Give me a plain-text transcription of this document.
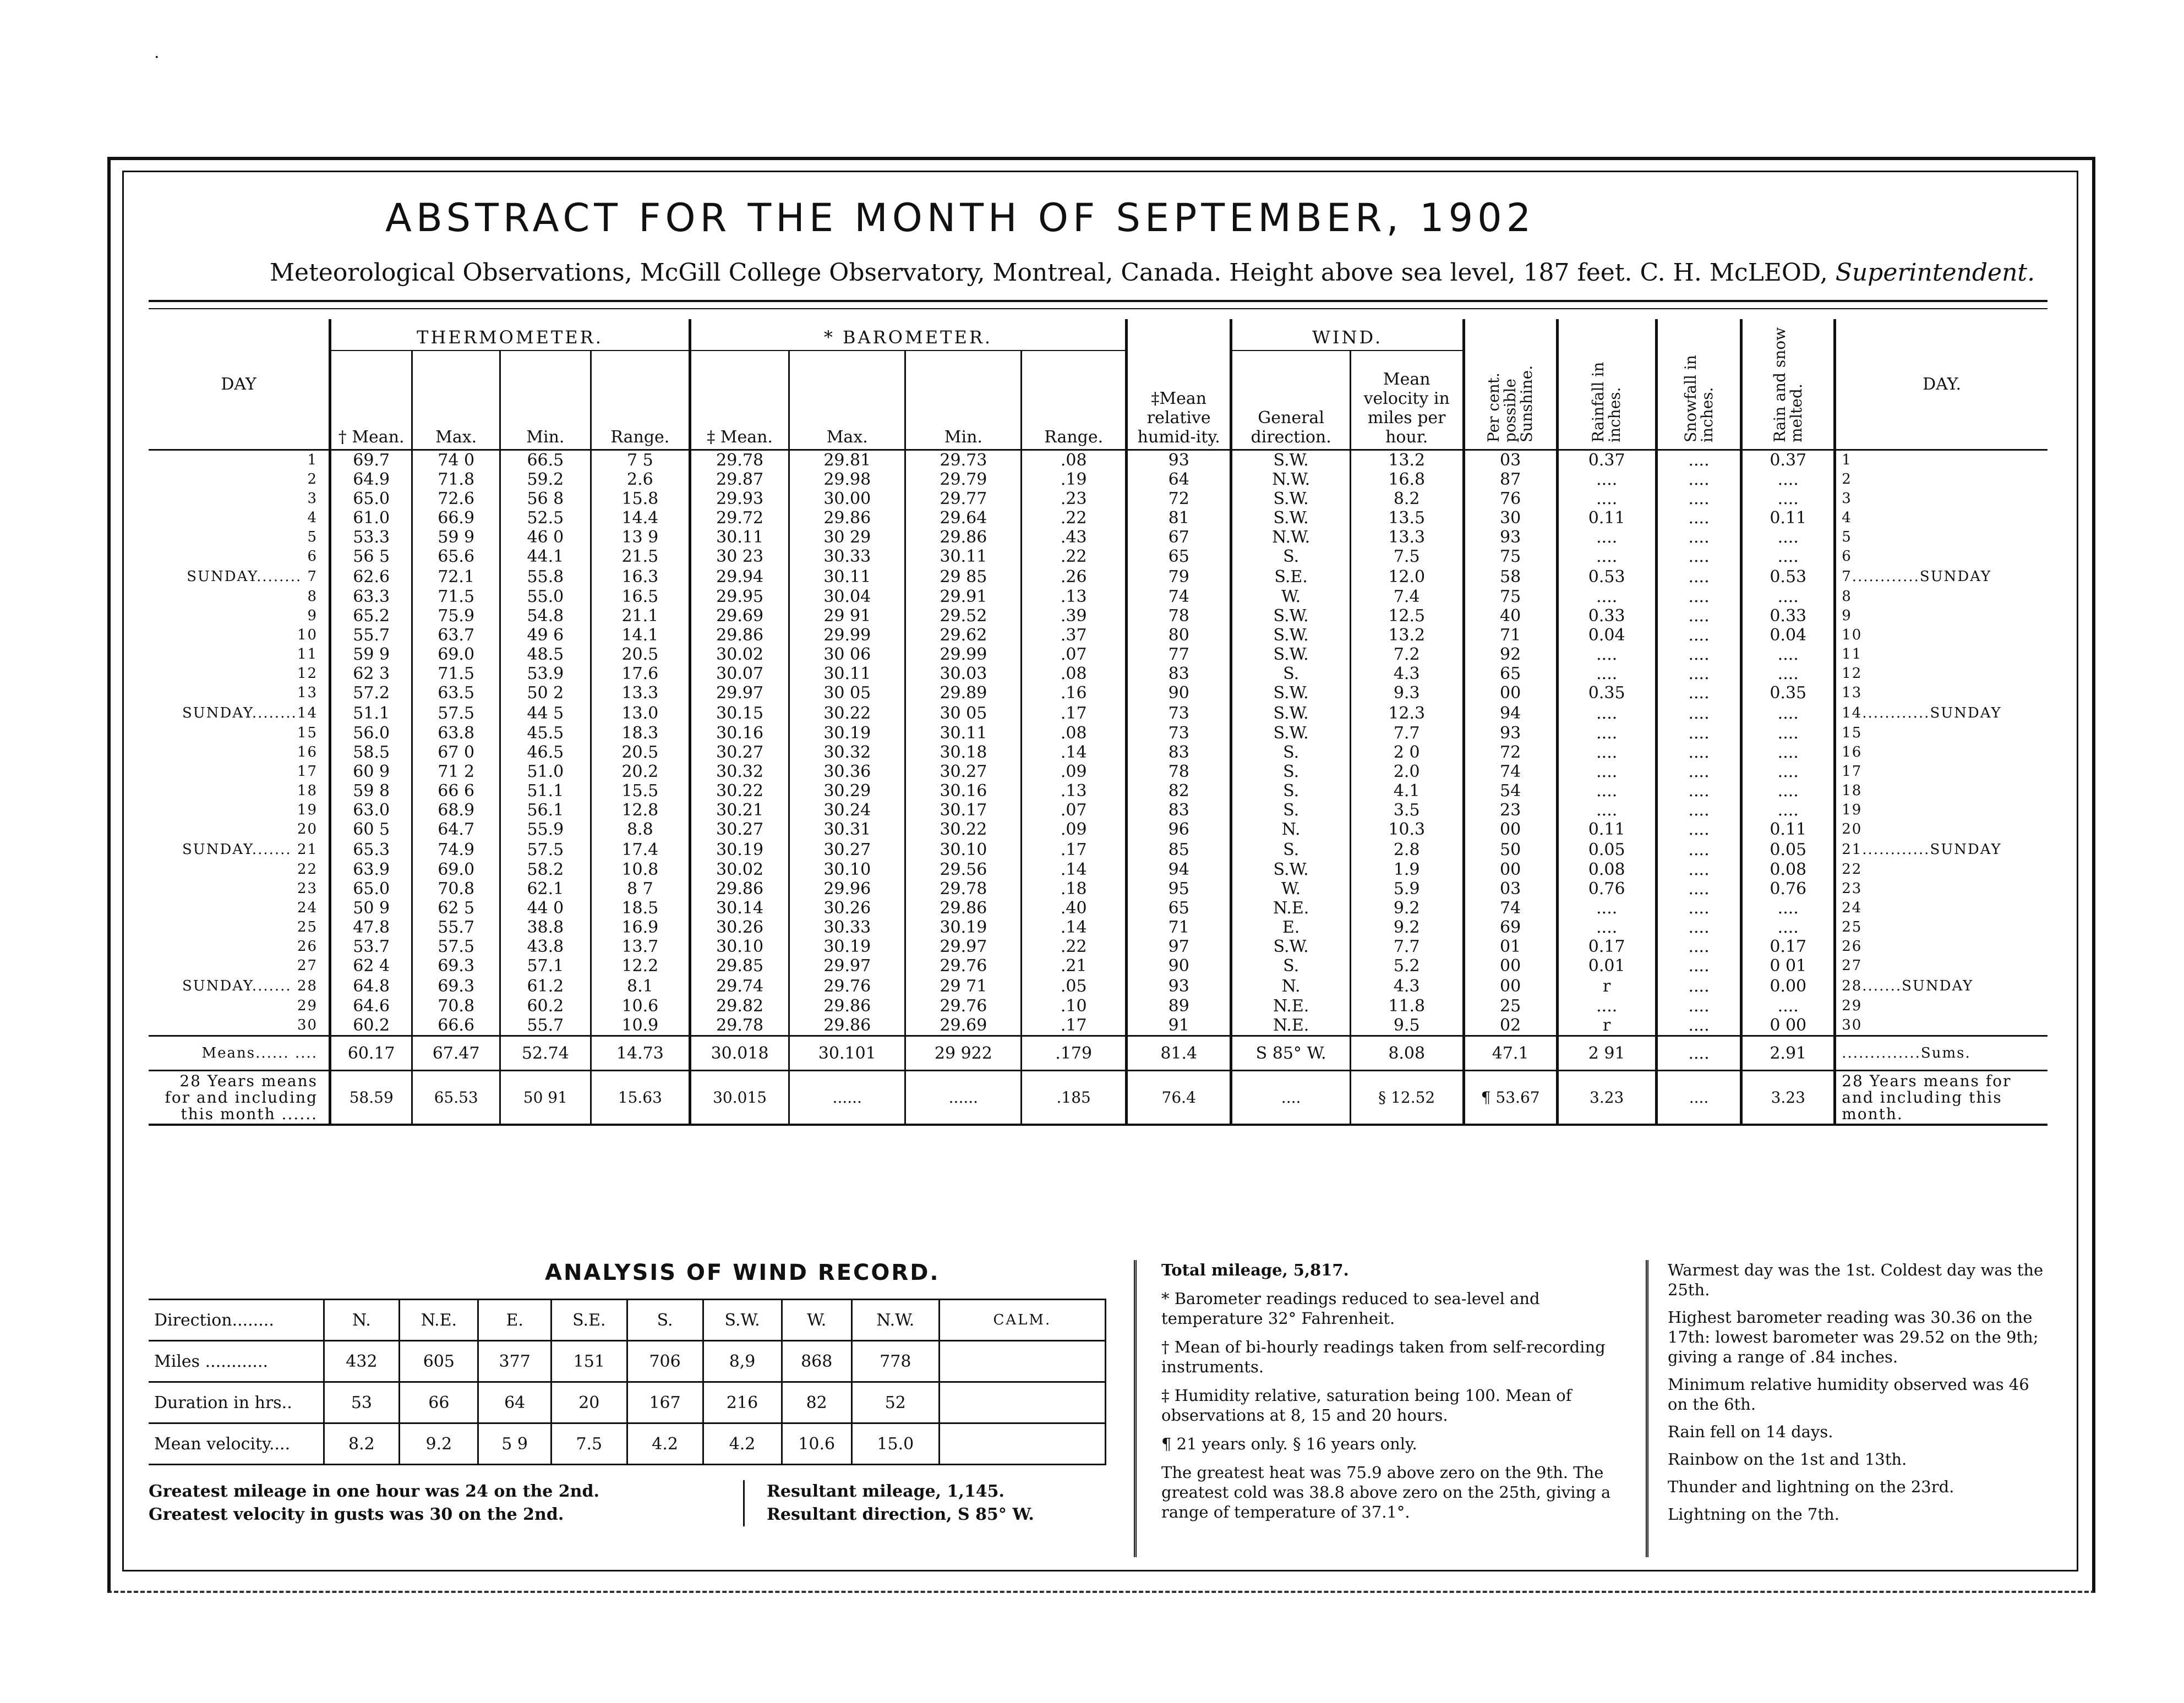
.
ABSTRACT FOR THE MONTH OF SEPTEMBER, 1902
Meteorological Observations, McGill College Observatory, Montreal, Canada. Height above sea level, 187 feet. C. H. McLEOD, Superintendent.
DAY	THERMOMETER.				* BAROMETER.				‡Mean relative humid-ity.	WIND.		Per cent. possible Sunshine.	Rainfall in inches.	Snowfall in inches.	Rain and snow melted.	DAY.
	† Mean.	Max.	Min.	Range.	‡ Mean.	Max.	Min.	Range.		General direction.	Mean velocity in miles per hour.					
1	69.7	74 0	66.5	7 5	29.78	29.81	29.73	.08	93	S.W.	13.2	03	0.37	....	0.37	1
2	64.9	71.8	59.2	2.6	29.87	29.98	29.79	.19	64	N.W.	16.8	87	....	....	....	2
3	65.0	72.6	56 8	15.8	29.93	30.00	29.77	.23	72	S.W.	8.2	76	....	....	....	3
4	61.0	66.9	52.5	14.4	29.72	29.86	29.64	.22	81	S.W.	13.5	30	0.11	....	0.11	4
5	53.3	59 9	46 0	13 9	30.11	30 29	29.86	.43	67	N.W.	13.3	93	....	....	....	5
6	56 5	65.6	44.1	21.5	30 23	30.33	30.11	.22	65	S.	7.5	75	....	....	....	6
SUNDAY........ 7	62.6	72.1	55.8	16.3	29.94	30.11	29 85	.26	79	S.E.	12.0	58	0.53	....	0.53	7............SUNDAY
8	63.3	71.5	55.0	16.5	29.95	30.04	29.91	.13	74	W.	7.4	75	....	....	....	8
9	65.2	75.9	54.8	21.1	29.69	29 91	29.52	.39	78	S.W.	12.5	40	0.33	....	0.33	9
10	55.7	63.7	49 6	14.1	29.86	29.99	29.62	.37	80	S.W.	13.2	71	0.04	....	0.04	10
11	59 9	69.0	48.5	20.5	30.02	30 06	29.99	.07	77	S.W.	7.2	92	....	....	....	11
12	62 3	71.5	53.9	17.6	30.07	30.11	30.03	.08	83	S.	4.3	65	....	....	....	12
13	57.2	63.5	50 2	13.3	29.97	30 05	29.89	.16	90	S.W.	9.3	00	0.35	....	0.35	13
SUNDAY........14	51.1	57.5	44 5	13.0	30.15	30.22	30 05	.17	73	S.W.	12.3	94	....	....	....	14............SUNDAY
15	56.0	63.8	45.5	18.3	30.16	30.19	30.11	.08	73	S.W.	7.7	93	....	....	....	15
16	58.5	67 0	46.5	20.5	30.27	30.32	30.18	.14	83	S.	2 0	72	....	....	....	16
17	60 9	71 2	51.0	20.2	30.32	30.36	30.27	.09	78	S.	2.0	74	....	....	....	17
18	59 8	66 6	51.1	15.5	30.22	30.29	30.16	.13	82	S.	4.1	54	....	....	....	18
19	63.0	68.9	56.1	12.8	30.21	30.24	30.17	.07	83	S.	3.5	23	....	....	....	19
20	60 5	64.7	55.9	8.8	30.27	30.31	30.22	.09	96	N.	10.3	00	0.11	....	0.11	20
SUNDAY....... 21	65.3	74.9	57.5	17.4	30.19	30.27	30.10	.17	85	S.	2.8	50	0.05	....	0.05	21............SUNDAY
22	63.9	69.0	58.2	10.8	30.02	30.10	29.56	.14	94	S.W.	1.9	00	0.08	....	0.08	22
23	65.0	70.8	62.1	8 7	29.86	29.96	29.78	.18	95	W.	5.9	03	0.76	....	0.76	23
24	50 9	62 5	44 0	18.5	30.14	30.26	29.86	.40	65	N.E.	9.2	74	....	....	....	24
25	47.8	55.7	38.8	16.9	30.26	30.33	30.19	.14	71	E.	9.2	69	....	....	....	25
26	53.7	57.5	43.8	13.7	30.10	30.19	29.97	.22	97	S.W.	7.7	01	0.17	....	0.17	26
27	62 4	69.3	57.1	12.2	29.85	29.97	29.76	.21	90	S.	5.2	00	0.01	....	0 01	27
SUNDAY....... 28	64.8	69.3	61.2	8.1	29.74	29.76	29 71	.05	93	N.	4.3	00	r	....	0.00	28.......SUNDAY
29	64.6	70.8	60.2	10.6	29.82	29.86	29.76	.10	89	N.E.	11.8	25	....	....	....	29
30	60.2	66.6	55.7	10.9	29.78	29.86	29.69	.17	91	N.E.	9.5	02	r	....	0 00	30
Means...... ....	60.17	67.47	52.74	14.73	30.018	30.101	29 922	.179	81.4	S 85° W.	8.08	47.1	2 91	....	2.91	..............Sums.
28 Years means for and including this month ......	58.59	65.53	50 91	15.63	30.015	......	......	.185	76.4	....	§ 12.52	¶ 53.67	3.23	....	3.23	28 Years means for and including this month.
ANALYSIS OF WIND RECORD.
Direction........	N.	N.E.	E.	S.E.	S.	S.W.	W.	N.W.	CALM.
Miles ............	432	605	377	151	706	8,9	868	778	
Duration in hrs..	53	66	64	20	167	216	82	52	
Mean velocity....	8.2	9.2	5 9	7.5	4.2	4.2	10.6	15.0	
Greatest mileage in one hour was 24 on the 2nd.
Greatest velocity in gusts was 30 on the 2nd.
Resultant mileage, 1,145.
Resultant direction, S 85° W.

Total mileage, 5,817.

* Barometer readings reduced to sea-level and temperature 32° Fahrenheit.

† Mean of bi-hourly readings taken from self-recording instruments.

‡ Humidity relative, saturation being 100. Mean of observations at 8, 15 and 20 hours.

¶ 21 years only. § 16 years only.

The greatest heat was 75.9 above zero on the 9th. The greatest cold was 38.8 above zero on the 25th, giving a range of temperature of 37.1°.

Warmest day was the 1st. Coldest day was the 25th.

Highest barometer reading was 30.36 on the 17th: lowest barometer was 29.52 on the 9th; giving a range of .84 inches.

Minimum relative humidity observed was 46 on the 6th.

Rain fell on 14 days.

Rainbow on the 1st and 13th.

Thunder and lightning on the 23rd.

Lightning on the 7th.
